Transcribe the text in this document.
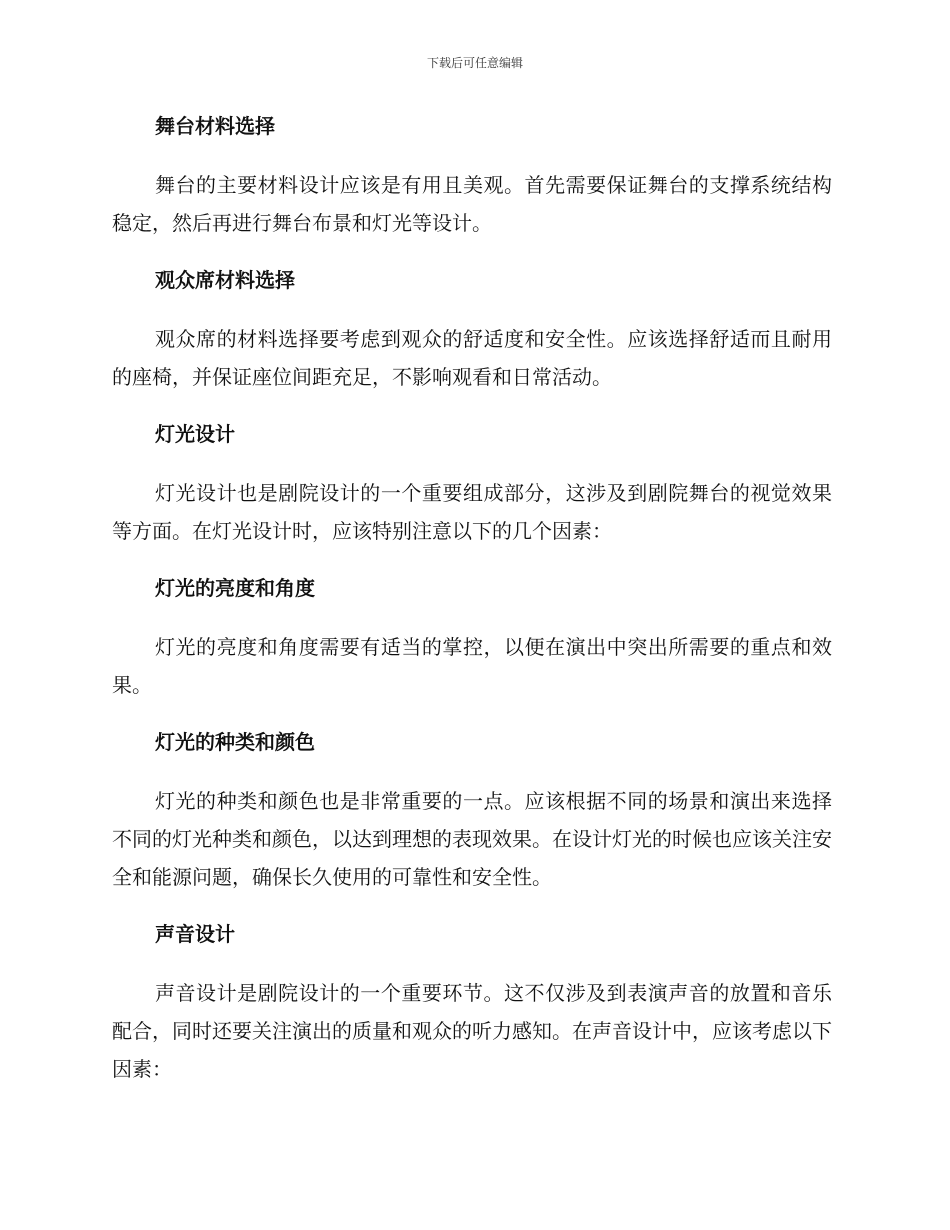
下载后可任意编辑
舞台材料选择

舞台的主要材料设计应该是有用且美观。首先需要保证舞台的支撑系统结构稳定，然后再进行舞台布景和灯光等设计。

观众席材料选择

观众席的材料选择要考虑到观众的舒适度和安全性。应该选择舒适而且耐用的座椅，并保证座位间距充足，不影响观看和日常活动。

灯光设计

灯光设计也是剧院设计的一个重要组成部分，这涉及到剧院舞台的视觉效果等方面。在灯光设计时，应该特别注意以下的几个因素：

灯光的亮度和角度

灯光的亮度和角度需要有适当的掌控，以便在演出中突出所需要的重点和效果。

灯光的种类和颜色

灯光的种类和颜色也是非常重要的一点。应该根据不同的场景和演出来选择不同的灯光种类和颜色，以达到理想的表现效果。在设计灯光的时候也应该关注安全和能源问题，确保长久使用的可靠性和安全性。

声音设计

声音设计是剧院设计的一个重要环节。这不仅涉及到表演声音的放置和音乐配合，同时还要关注演出的质量和观众的听力感知。在声音设计中，应该考虑以下因素：
